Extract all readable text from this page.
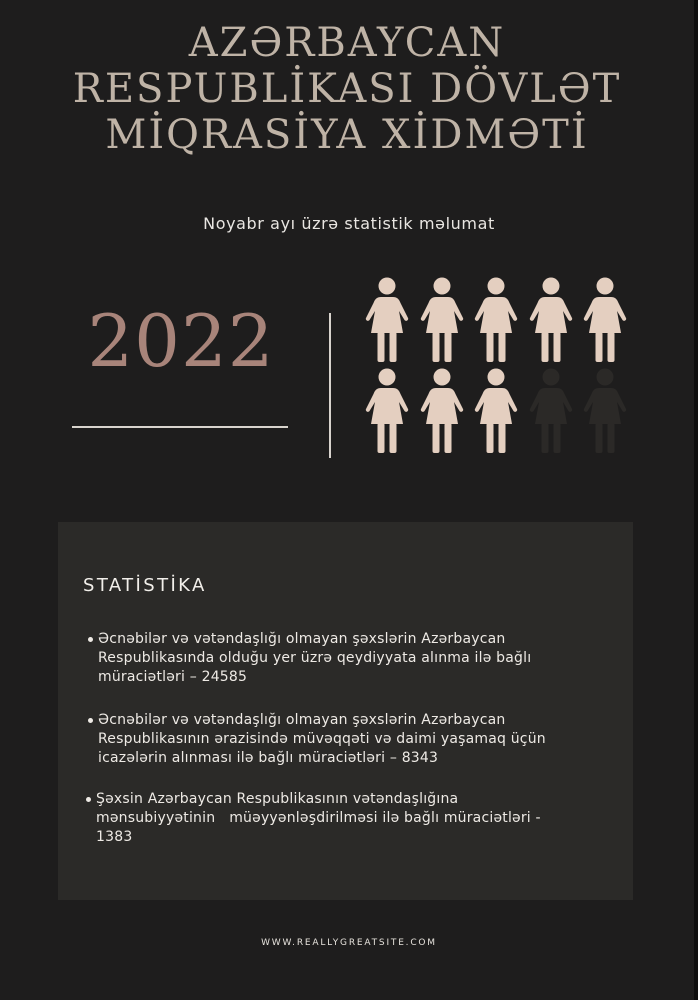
AZƏRBAYCAN
RESPUBLİKASI DÖVLƏT
MİQRASİYA XİDMƏTİ
Noyabr ayı üzrə statistik məlumat
2022
STATİSTİKA
Əcnəbilər və vətəndaşlığı olmayan şəxslərin Azərbaycan
Respublikasında olduğu yer üzrə qeydiyyata alınma ilə bağlı
müraciətləri – 24585
Əcnəbilər və vətəndaşlığı olmayan şəxslərin Azərbaycan
Respublikasının ərazisində müvəqqəti və daimi yaşamaq üçün
icazələrin alınması ilə bağlı müraciətləri – 8343
Şəxsin Azərbaycan Respublikasının vətəndaşlığına
mənsubiyyətinin   müəyyənləşdirilməsi ilə bağlı müraciətləri -
1383
WWW.REALLYGREATSITE.COM
